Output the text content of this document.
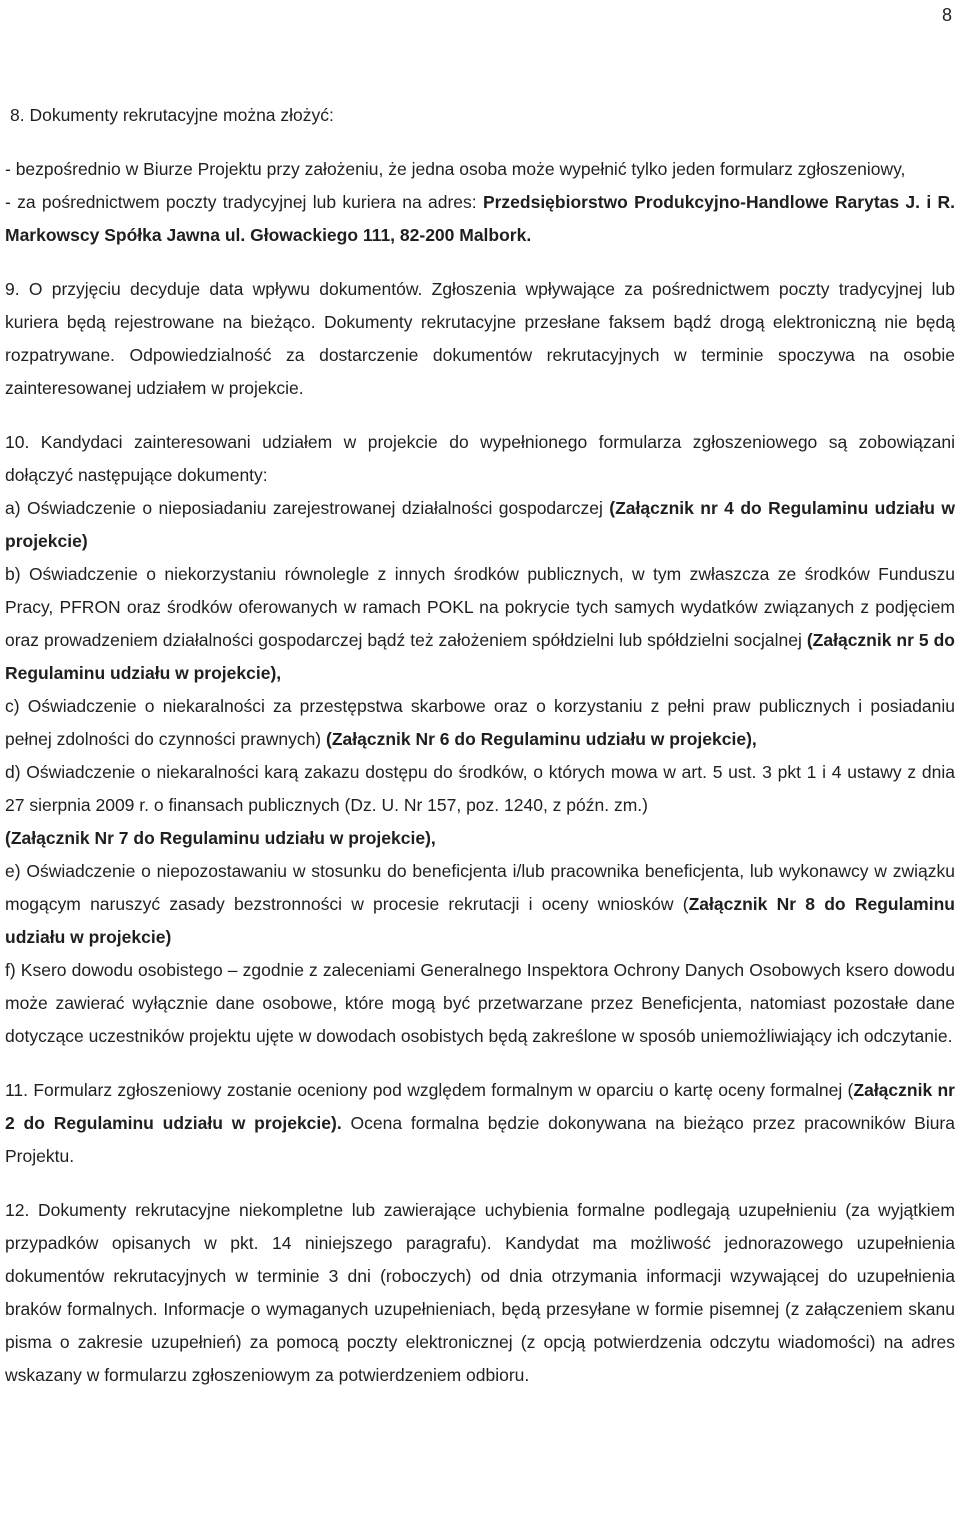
8

8. Dokumenty rekrutacyjne można złożyć:

- bezpośrednio w Biurze Projektu przy założeniu, że jedna osoba może wypełnić tylko jeden formularz zgłoszeniowy,

- za pośrednictwem poczty tradycyjnej lub kuriera na adres: Przedsiębiorstwo Produkcyjno-Handlowe Rarytas J. i R. Markowscy Spółka Jawna ul. Głowackiego 111, 82-200 Malbork.

9. O przyjęciu decyduje data wpływu dokumentów. Zgłoszenia wpływające za pośrednictwem poczty tradycyjnej lub kuriera będą rejestrowane na bieżąco. Dokumenty rekrutacyjne przesłane faksem bądź drogą elektroniczną nie będą rozpatrywane. Odpowiedzialność za dostarczenie dokumentów rekrutacyjnych w terminie spoczywa na osobie zainteresowanej udziałem w projekcie.

10. Kandydaci zainteresowani udziałem w projekcie do wypełnionego formularza zgłoszeniowego są zobowiązani dołączyć następujące dokumenty:

a) Oświadczenie o nieposiadaniu zarejestrowanej działalności gospodarczej (Załącznik nr 4 do Regulaminu udziału w projekcie)

b) Oświadczenie o niekorzystaniu równolegle z innych środków publicznych, w tym zwłaszcza ze środków Funduszu Pracy, PFRON oraz środków oferowanych w ramach POKL na pokrycie tych samych wydatków związanych z podjęciem oraz prowadzeniem działalności gospodarczej bądź też założeniem spółdzielni lub spółdzielni socjalnej (Załącznik nr 5 do Regulaminu udziału w projekcie),

c) Oświadczenie o niekaralności za przestępstwa skarbowe oraz o korzystaniu z pełni praw publicznych i posiadaniu pełnej zdolności do czynności prawnych) (Załącznik Nr 6 do Regulaminu udziału w projekcie),

d) Oświadczenie o niekaralności karą zakazu dostępu do środków, o których mowa w art. 5 ust. 3 pkt 1 i 4 ustawy z dnia 27 sierpnia 2009 r. o finansach publicznych (Dz. U. Nr 157, poz. 1240, z późn. zm.)

(Załącznik Nr 7 do Regulaminu udziału w projekcie),

e) Oświadczenie o niepozostawaniu w stosunku do beneficjenta i/lub pracownika beneficjenta, lub wykonawcy w związku mogącym naruszyć zasady bezstronności w procesie rekrutacji i oceny wniosków (Załącznik Nr 8 do Regulaminu udziału w projekcie)

f) Ksero dowodu osobistego – zgodnie z zaleceniami Generalnego Inspektora Ochrony Danych Osobowych ksero dowodu może zawierać wyłącznie dane osobowe, które mogą być przetwarzane przez Beneficjenta, natomiast pozostałe dane dotyczące uczestników projektu ujęte w dowodach osobistych będą zakreślone w sposób uniemożliwiający ich odczytanie.

11. Formularz zgłoszeniowy zostanie oceniony pod względem formalnym w oparciu o kartę oceny formalnej (Załącznik nr 2 do Regulaminu udziału w projekcie). Ocena formalna będzie dokonywana na bieżąco przez pracowników Biura Projektu.

12. Dokumenty rekrutacyjne niekompletne lub zawierające uchybienia formalne podlegają uzupełnieniu (za wyjątkiem przypadków opisanych w pkt. 14 niniejszego paragrafu). Kandydat ma możliwość jednorazowego uzupełnienia dokumentów rekrutacyjnych w terminie 3 dni (roboczych) od dnia otrzymania informacji wzywającej do uzupełnienia braków formalnych. Informacje o wymaganych uzupełnieniach, będą przesyłane w formie pisemnej (z załączeniem skanu pisma o zakresie uzupełnień) za pomocą poczty elektronicznej (z opcją potwierdzenia odczytu wiadomości) na adres wskazany w formularzu zgłoszeniowym za potwierdzeniem odbioru.
